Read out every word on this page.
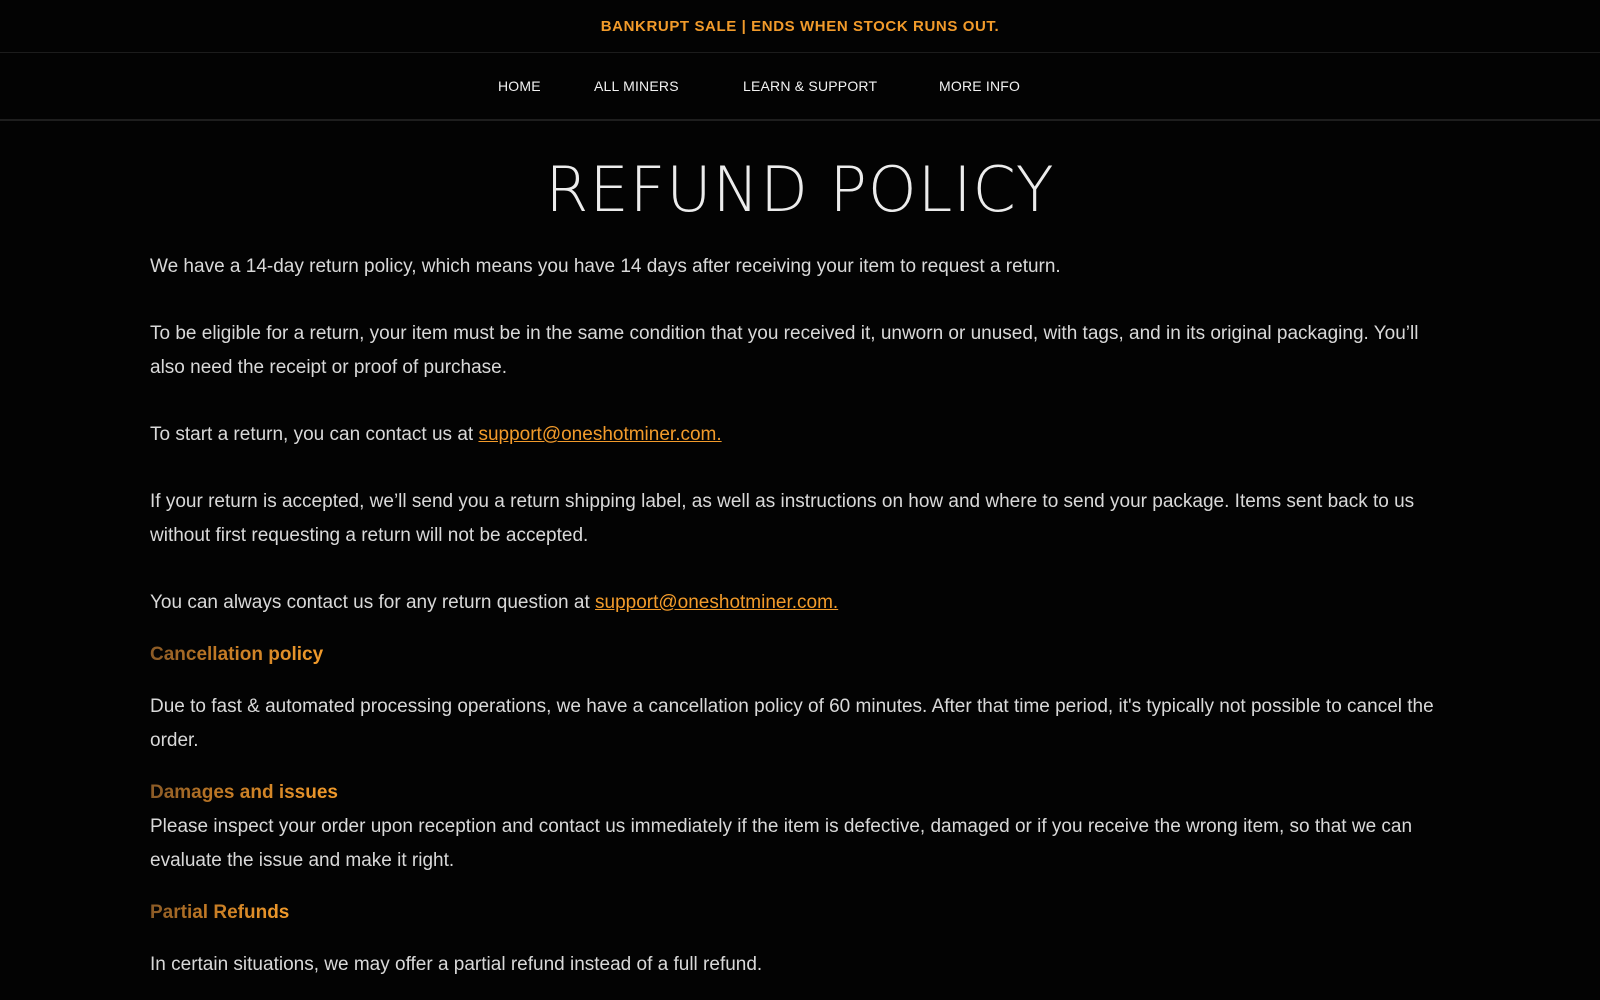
BANKRUPT SALE | ENDS WHEN STOCK RUNS OUT.
HOME	ALL MINERS	LEARN & SUPPORT	MORE INFO
REFUND POLICY

We have a 14-day return policy, which means you have 14 days after receiving your item to request a return.

To be eligible for a return, your item must be in the same condition that you received it, unworn or unused, with tags, and in its original packaging. You’ll also need the receipt or proof of purchase.

To start a return, you can contact us at support@oneshotminer.com.

If your return is accepted, we’ll send you a return shipping label, as well as instructions on how and where to send your package. Items sent back to us without first requesting a return will not be accepted.

You can always contact us for any return question at support@oneshotminer.com.

Cancellation policy

Due to fast & automated processing operations, we have a cancellation policy of 60 minutes. After that time period, it's typically not possible to cancel the order.

Damages and issues

Please inspect your order upon reception and contact us immediately if the item is defective, damaged or if you receive the wrong item, so that we can evaluate the issue and make it right.

Partial Refunds

In certain situations, we may offer a partial refund instead of a full refund.
